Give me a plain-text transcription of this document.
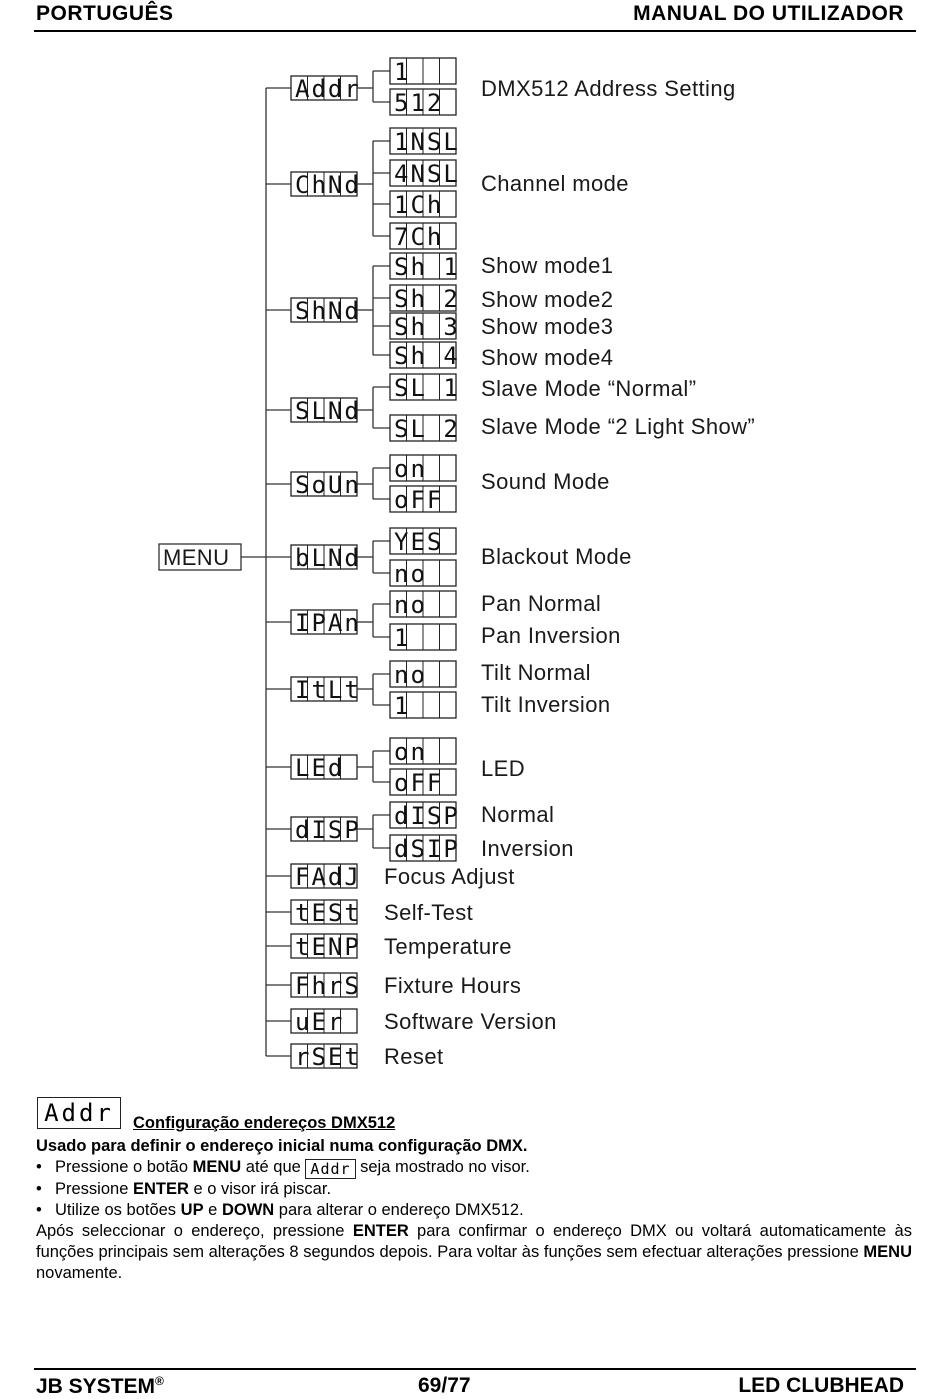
PORTUGUÊS	MANUAL DO UTILIZADOR
MENU
Addr
1
DMX512 Address Setting
512
ChNd
1NSL
4NSL Channel mode
1Ch
7Ch
ShNd
Sh 1 Show mode1
Sh 2 Show mode2
Sh 3 Show mode3
Sh 4 Show mode4
SLNd
SL 1 Slave Mode “Normal”
SL 2 Slave Mode “2 Light Show”
SoUn
on Sound Mode
oFF
bLNd
YES
Blackout Mode
no
IPAn
no Pan Normal
1	Pan Inversion
ItLt
no Tilt Normal
1	Tilt Inversion
LEd
on
LED
oFF
dISP dISP Normal
dSIP Inversion
FAdJ Focus Adjust
tESt Self-Test
tENP Temperature
FhrS Fixture Hours
uEr Software Version
rSEt Reset
Addr	Configuração endereços DMX512
Usado para definir o endereço inicial numa configuração DMX.
• Pressione o botão MENU até que Addr seja mostrado no visor.
• Pressione ENTER e o visor irá piscar.
• Utilize os botões UP e DOWN para alterar o endereço DMX512.
Após seleccionar o endereço, pressione ENTER para confirmar o endereço DMX ou voltará automaticamente às funções principais sem alterações 8 segundos depois. Para voltar às funções sem efectuar alterações pressione MENU novamente.
JB SYSTEM®	69/77	LED CLUBHEAD
